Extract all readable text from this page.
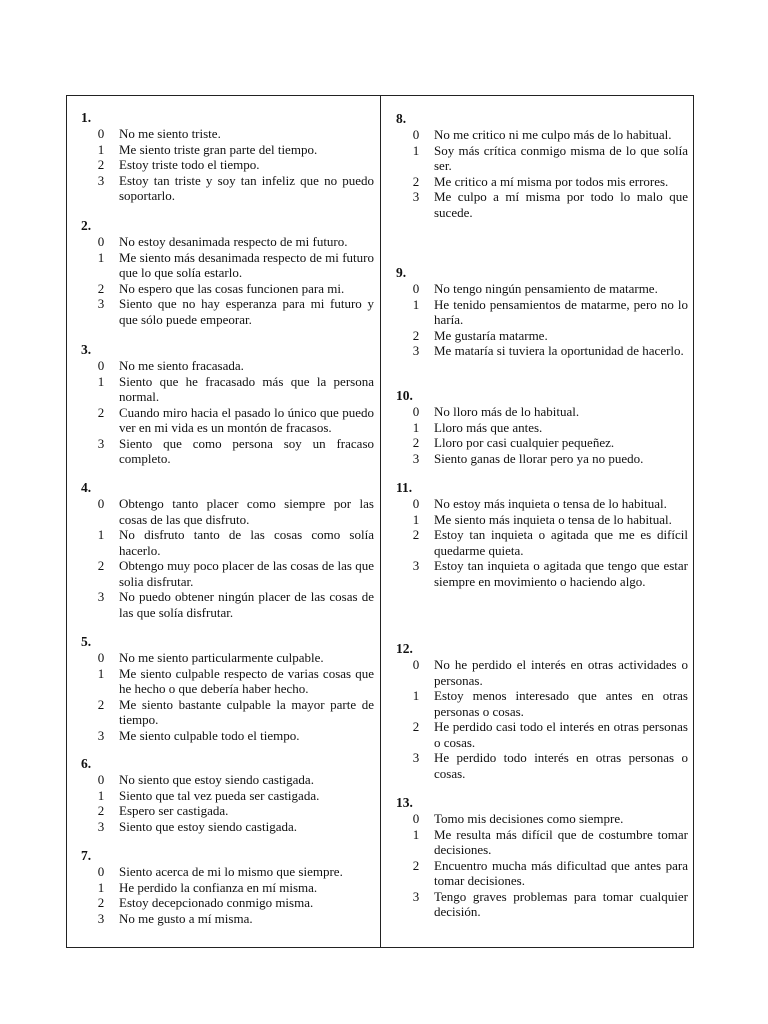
1.
0 No me siento triste.
1 Me siento triste gran parte del tiempo.
2 Estoy triste todo el tiempo.
3 Estoy tan triste y soy tan infeliz que no puedo soportarlo.
2.
0 No estoy desanimada respecto de mi futuro.
1 Me siento más desanimada respecto de mi futuro que lo que solía estarlo.
2 No espero que las cosas funcionen para mi.
3 Siento que no hay esperanza para mi futuro y que sólo puede empeorar.
3.
0 No me siento fracasada.
1 Siento que he fracasado más que la persona normal.
2 Cuando miro hacia el pasado lo único que puedo ver en mi vida es un montón de fracasos.
3 Siento que como persona soy un fracaso completo.
4.
0 Obtengo tanto placer como siempre por las cosas de las que disfruto.
1 No disfruto tanto de las cosas como solía hacerlo.
2 Obtengo muy poco placer de las cosas de las que solia disfrutar.
3 No puedo obtener ningún placer de las cosas de las que solía disfrutar.
5.
0 No me siento particularmente culpable.
1 Me siento culpable respecto de varias cosas que he hecho o que debería haber hecho.
2 Me siento bastante culpable la mayor parte de tiempo.
3 Me siento culpable todo el tiempo.
6.
0 No siento que estoy siendo castigada.
1 Siento que tal vez pueda ser castigada.
2 Espero ser castigada.
3 Siento que estoy siendo castigada.
7.
0 Siento acerca de mi lo mismo que siempre.
1 He perdido la confianza en mí misma.
2 Estoy decepcionado conmigo misma.
3 No me gusto a mí misma.
8.
0 No me critico ni me culpo más de lo habitual.
1 Soy más crítica conmigo misma de lo que solía ser.
2 Me critico a mí misma por todos mis errores.
3 Me culpo a mí misma por todo lo malo que sucede.
9.
0 No tengo ningún pensamiento de matarme.
1 He tenido pensamientos de matarme, pero no lo haría.
2 Me gustaría matarme.
3 Me mataría si tuviera la oportunidad de hacerlo.
10.
0 No lloro más de lo habitual.
1 Lloro más que antes.
2 Lloro por casi cualquier pequeñez.
3 Siento ganas de llorar pero ya no puedo.
11.
0 No estoy más inquieta o tensa de lo habitual.
1 Me siento más inquieta o tensa de lo habitual.
2 Estoy tan inquieta o agitada que me es difícil quedarme quieta.
3 Estoy tan inquieta o agitada que tengo que estar siempre en movimiento o haciendo algo.
12.
0 No he perdido el interés en otras actividades o personas.
1 Estoy menos interesado que antes en otras personas o cosas.
2 He perdido casi todo el interés en otras personas o cosas.
3 He perdido todo interés en otras personas o cosas.
13.
0 Tomo mis decisiones como siempre.
1 Me resulta más difícil que de costumbre tomar decisiones.
2 Encuentro mucha más dificultad que antes para tomar decisiones.
3 Tengo graves problemas para tomar cualquier decisión.
